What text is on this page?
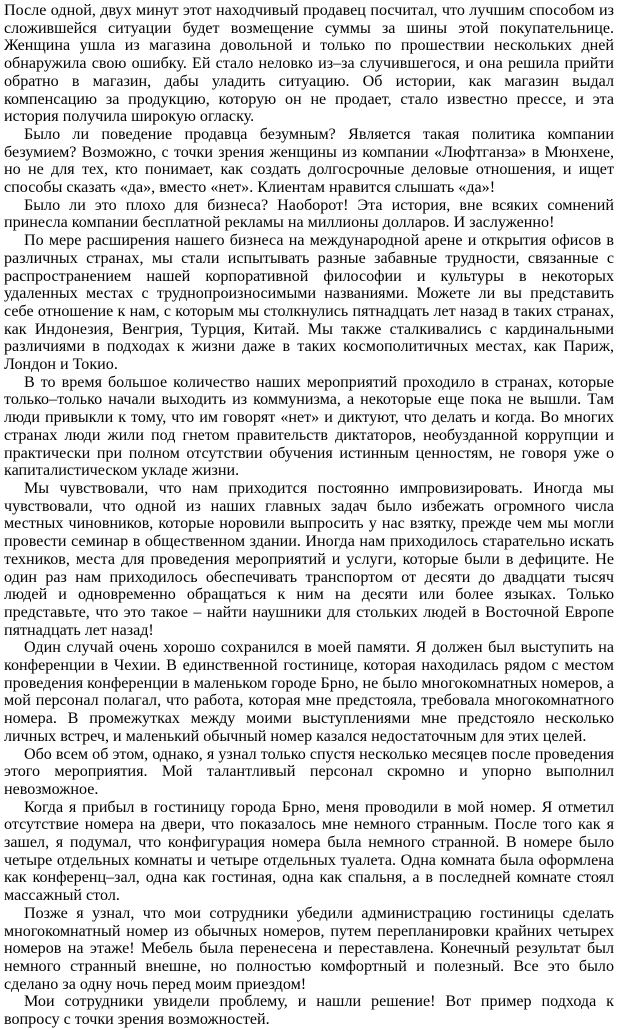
После одной, двух минут этот находчивый продавец посчитал, что лучшим способом из сложившейся ситуации будет возмещение суммы за шины этой покупательнице. Женщина ушла из магазина довольной и только по прошествии нескольких дней обнаружила свою ошибку. Ей стало неловко из–за случившегося, и она решила прийти обратно в магазин, дабы уладить ситуацию. Об истории, как магазин выдал компенсацию за продукцию, которую он не продает, стало известно прессе, и эта история получила широкую огласку.

Было ли поведение продавца безумным? Является такая политика компании безумием? Возможно, с точки зрения женщины из компании «Люфтганза» в Мюнхене, но не для тех, кто понимает, как создать долгосрочные деловые отношения, и ищет способы сказать «да», вместо «нет». Клиентам нравится слышать «да»!

Было ли это плохо для бизнеса? Наоборот! Эта история, вне всяких сомнений принесла компании бесплатной рекламы на миллионы долларов. И заслуженно!

По мере расширения нашего бизнеса на международной арене и открытия офисов в различных странах, мы стали испытывать разные забавные трудности, связанные с распространением нашей корпоративной философии и культуры в некоторых удаленных местах с труднопроизносимыми названиями. Можете ли вы представить себе отношение к нам, с которым мы столкнулись пятнадцать лет назад в таких странах, как Индонезия, Венгрия, Турция, Китай. Мы также сталкивались с кардинальными различиями в подходах к жизни даже в таких космополитичных местах, как Париж, Лондон и Токио.

В то время большое количество наших мероприятий проходило в странах, которые только–только начали выходить из коммунизма, а некоторые еще пока не вышли. Там люди привыкли к тому, что им говорят «нет» и диктуют, что делать и когда. Во многих странах люди жили под гнетом правительств диктаторов, необузданной коррупции и практически при полном отсутствии обучения истинным ценностям, не говоря уже о капиталистическом укладе жизни.

Мы чувствовали, что нам приходится постоянно импровизировать. Иногда мы чувствовали, что одной из наших главных задач было избежать огромного числа местных чиновников, которые норовили выпросить у нас взятку, прежде чем мы могли провести семинар в общественном здании. Иногда нам приходилось старательно искать техников, места для проведения мероприятий и услуги, которые были в дефиците. Не один раз нам приходилось обеспечивать транспортом от десяти до двадцати тысяч людей и одновременно обращаться к ним на десяти или более языках. Только представьте, что это такое – найти наушники для стольких людей в Восточной Европе пятнадцать лет назад!

Один случай очень хорошо сохранился в моей памяти. Я должен был выступить на конференции в Чехии. В единственной гостинице, которая находилась рядом с местом проведения конференции в маленьком городе Брно, не было многокомнатных номеров, а мой персонал полагал, что работа, которая мне предстояла, требовала многокомнатного номера. В промежутках между моими выступлениями мне предстояло несколько личных встреч, и маленький обычный номер казался недостаточным для этих целей.

Обо всем об этом, однако, я узнал только спустя несколько месяцев после проведения этого мероприятия. Мой талантливый персонал скромно и упорно выполнил невозможное.

Когда я прибыл в гостиницу города Брно, меня проводили в мой номер. Я отметил отсутствие номера на двери, что показалось мне немного странным. После того как я зашел, я подумал, что конфигурация номера была немного странной. В номере было четыре отдельных комнаты и четыре отдельных туалета. Одна комната была оформлена как конференц–зал, одна как гостиная, одна как спальня, а в последней комнате стоял массажный стол.

Позже я узнал, что мои сотрудники убедили администрацию гостиницы сделать многокомнатный номер из обычных номеров, путем перепланировки крайних четырех номеров на этаже! Мебель была перенесена и переставлена. Конечный результат был немного странный внешне, но полностью комфортный и полезный. Все это было сделано за одну ночь перед моим приездом!

Мои сотрудники увидели проблему, и нашли решение! Вот пример подхода к вопросу с точки зрения возможностей.
